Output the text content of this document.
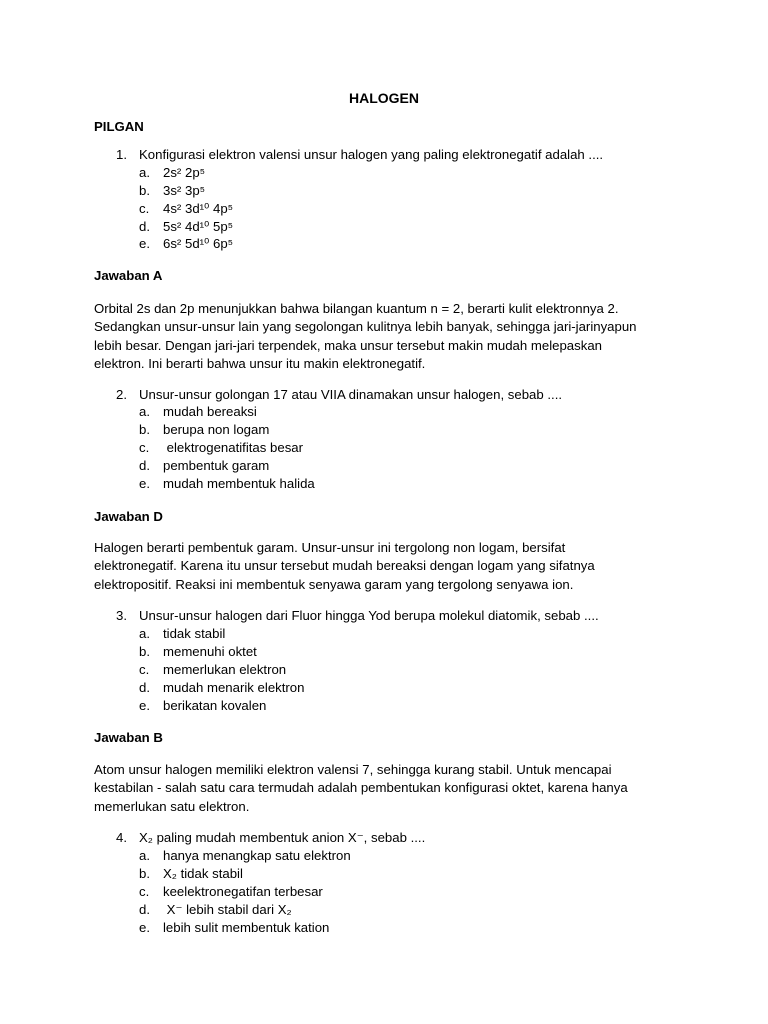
HALOGEN
PILGAN
1. Konfigurasi elektron valensi unsur halogen yang paling elektronegatif adalah ....
a. 2s² 2p⁵
b. 3s² 3p⁵
c. 4s² 3d¹⁰ 4p⁵
d. 5s² 4d¹⁰ 5p⁵
e. 6s² 5d¹⁰ 6p⁵
Jawaban A
Orbital 2s dan 2p menunjukkan bahwa bilangan kuantum n = 2, berarti kulit elektronnya 2.
Sedangkan unsur-unsur lain yang segolongan kulitnya lebih banyak, sehingga jari-jarinyapun
lebih besar. Dengan jari-jari terpendek, maka unsur tersebut makin mudah melepaskan
elektron. Ini berarti bahwa unsur itu makin elektronegatif.
2. Unsur-unsur golongan 17 atau VIIA dinamakan unsur halogen, sebab ....
a. mudah bereaksi
b. berupa non logam
c. elektrogenatifitas besar
d. pembentuk garam
e. mudah membentuk halida
Jawaban D
Halogen berarti pembentuk garam. Unsur-unsur ini tergolong non logam, bersifat
elektronegatif. Karena itu unsur tersebut mudah bereaksi dengan logam yang sifatnya
elektropositif. Reaksi ini membentuk senyawa garam yang tergolong senyawa ion.
3. Unsur-unsur halogen dari Fluor hingga Yod berupa molekul diatomik, sebab ....
a. tidak stabil
b. memenuhi oktet
c. memerlukan elektron
d. mudah menarik elektron
e. berikatan kovalen
Jawaban B
Atom unsur halogen memiliki elektron valensi 7, sehingga kurang stabil. Untuk mencapai
kestabilan - salah satu cara termudah adalah pembentukan konfigurasi oktet, karena hanya
memerlukan satu elektron.
4. X₂ paling mudah membentuk anion X⁻, sebab ....
a. hanya menangkap satu elektron
b. X₂ tidak stabil
c. keelektronegatifan terbesar
d. X⁻ lebih stabil dari X₂
e. lebih sulit membentuk kation
